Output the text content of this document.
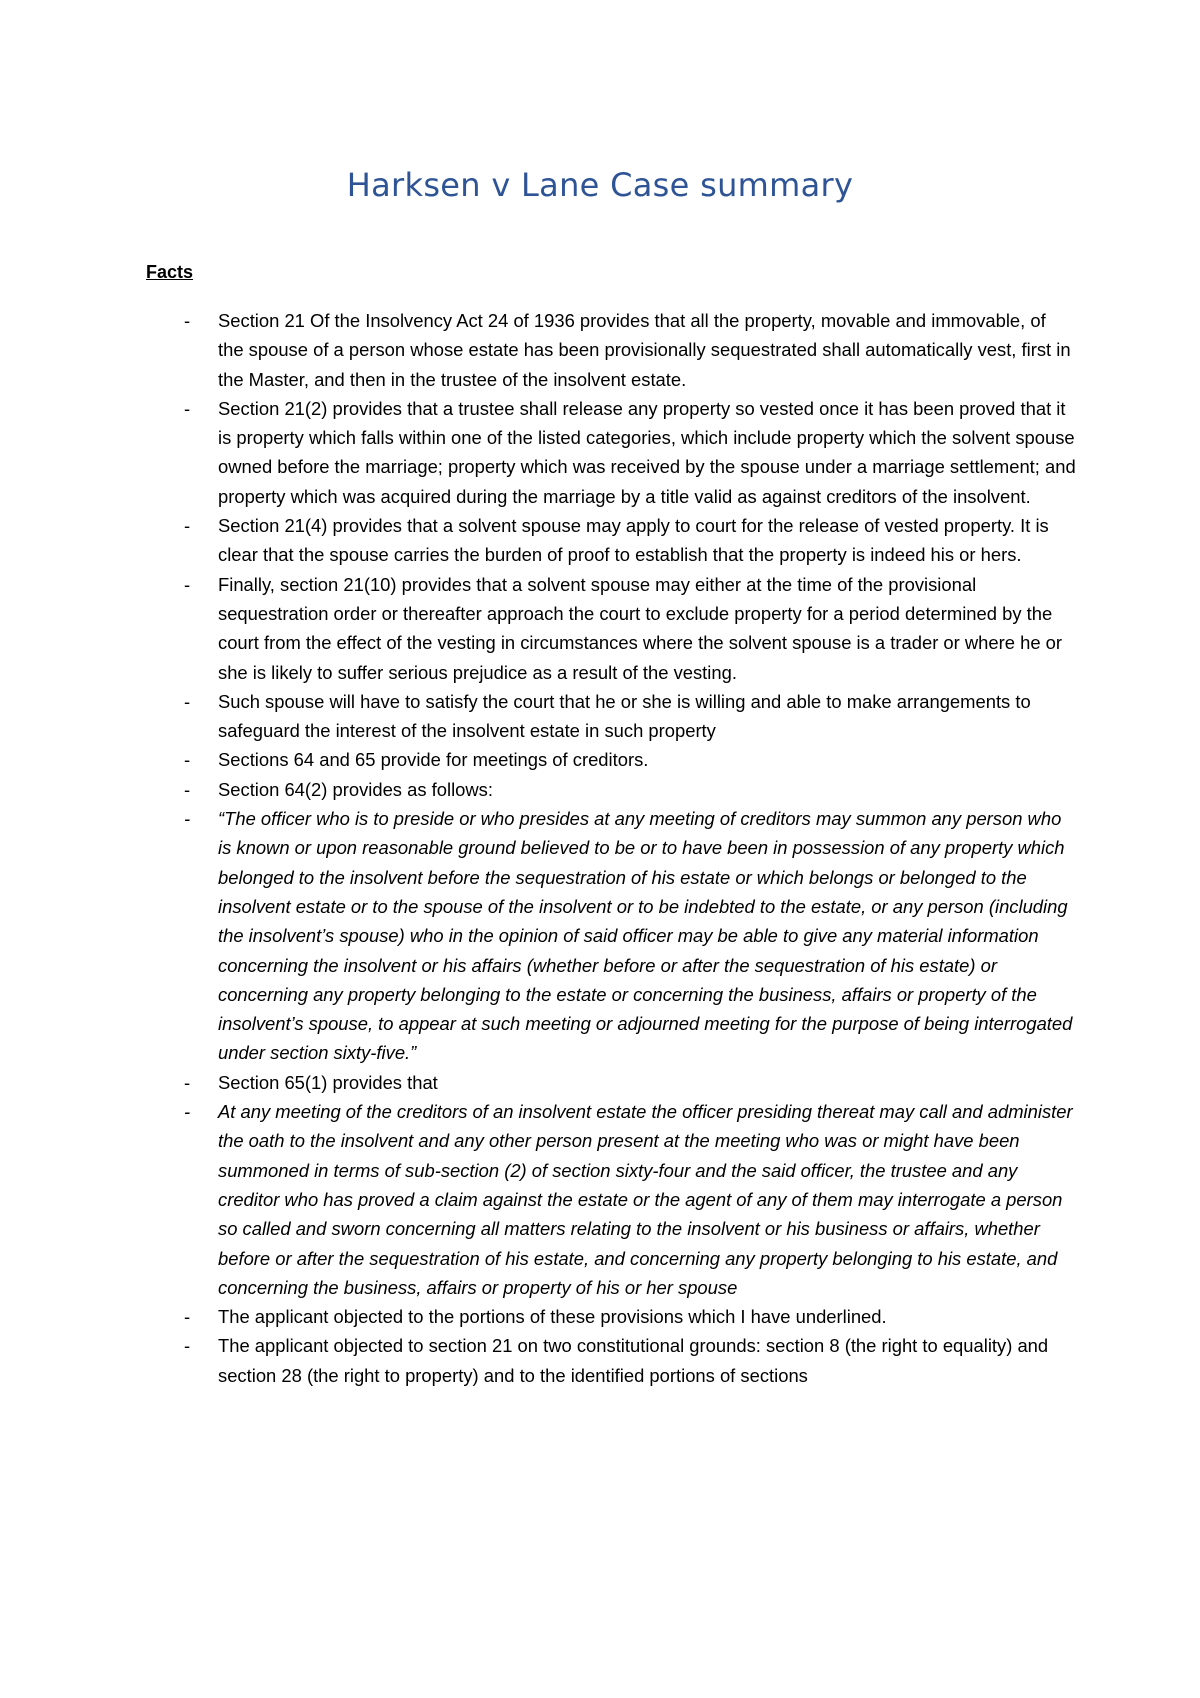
Harksen v Lane Case summary
Facts
- Section 21 Of the Insolvency Act 24 of 1936 provides that all the property, movable and immovable, of the spouse of a person whose estate has been provisionally sequestrated shall automatically vest, first in the Master, and then in the trustee of the insolvent estate.
- Section 21(2) provides that a trustee shall release any property so vested once it has been proved that it is property which falls within one of the listed categories, which include property which the solvent spouse owned before the marriage; property which was received by the spouse under a marriage settlement; and property which was acquired during the marriage by a title valid as against creditors of the insolvent.
- Section 21(4) provides that a solvent spouse may apply to court for the release of vested property. It is clear that the spouse carries the burden of proof to establish that the property is indeed his or hers.
- Finally, section 21(10) provides that a solvent spouse may either at the time of the provisional sequestration order or thereafter approach the court to exclude property for a period determined by the court from the effect of the vesting in circumstances where the solvent spouse is a trader or where he or she is likely to suffer serious prejudice as a result of the vesting.
- Such spouse will have to satisfy the court that he or she is willing and able to make arrangements to safeguard the interest of the insolvent estate in such property
- Sections 64 and 65 provide for meetings of creditors.
- Section 64(2) provides as follows:
- “The officer who is to preside or who presides at any meeting of creditors may summon any person who is known or upon reasonable ground believed to be or to have been in possession of any property which belonged to the insolvent before the sequestration of his estate or which belongs or belonged to the insolvent estate or to the spouse of the insolvent or to be indebted to the estate, or any person (including the insolvent’s spouse) who in the opinion of said officer may be able to give any material information concerning the insolvent or his affairs (whether before or after the sequestration of his estate) or concerning any property belonging to the estate or concerning the business, affairs or property of the insolvent’s spouse, to appear at such meeting or adjourned meeting for the purpose of being interrogated under section sixty-five.”
- Section 65(1) provides that
- At any meeting of the creditors of an insolvent estate the officer presiding thereat may call and administer the oath to the insolvent and any other person present at the meeting who was or might have been summoned in terms of sub-section (2) of section sixty-four and the said officer, the trustee and any creditor who has proved a claim against the estate or the agent of any of them may interrogate a person so called and sworn concerning all matters relating to the insolvent or his business or affairs, whether before or after the sequestration of his estate, and concerning any property belonging to his estate, and concerning the business, affairs or property of his or her spouse
- The applicant objected to the portions of these provisions which I have underlined.
- The applicant objected to section 21 on two constitutional grounds: section 8 (the right to equality) and section 28 (the right to property) and to the identified portions of sections
